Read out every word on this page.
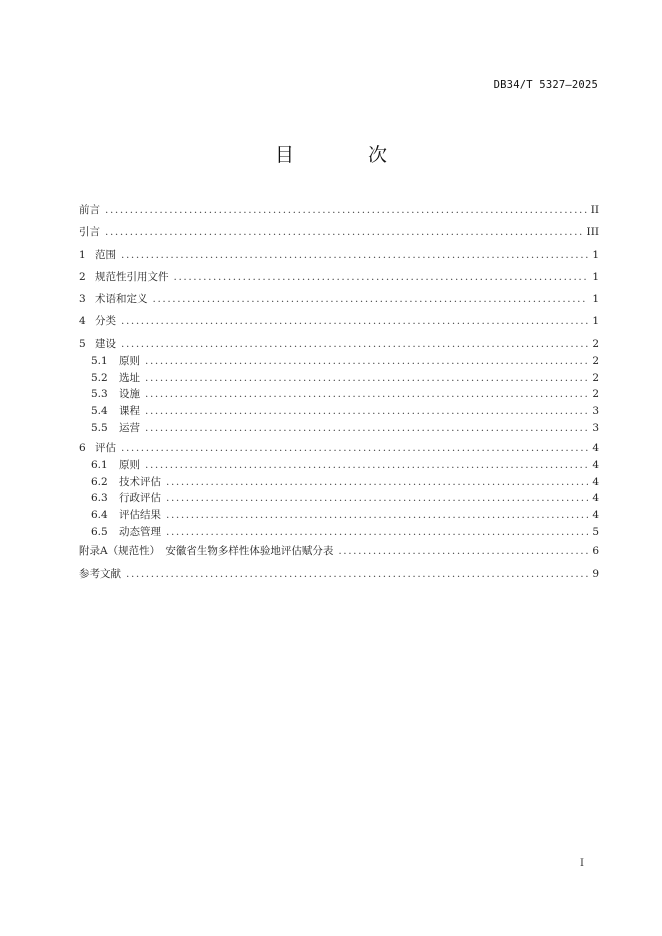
DB34/T 5327—2025
目 次
前言 .....	II
引言 .....	III
1 范围 .....	1
2 规范性引用文件 .....	1
3 术语和定义 .....	1
4 分类 .....	1
5 建设 .....	2
5.1	原则 .....	2
5.2	选址 .....	2
5.3	设施 .....	2
5.4	课程 .....	3
5.5	运营 .....	3
6 评估 .....	4
6.1	原则 .....	4
6.2	技术评估 .....	4
6.3	行政评估 .....	4
6.4	评估结果 .....	4
6.5	动态管理 .....	5
附录A（规范性）　安徽省生物多样性体验地评估赋分表 .....	6
参考文献 .....	9
I
